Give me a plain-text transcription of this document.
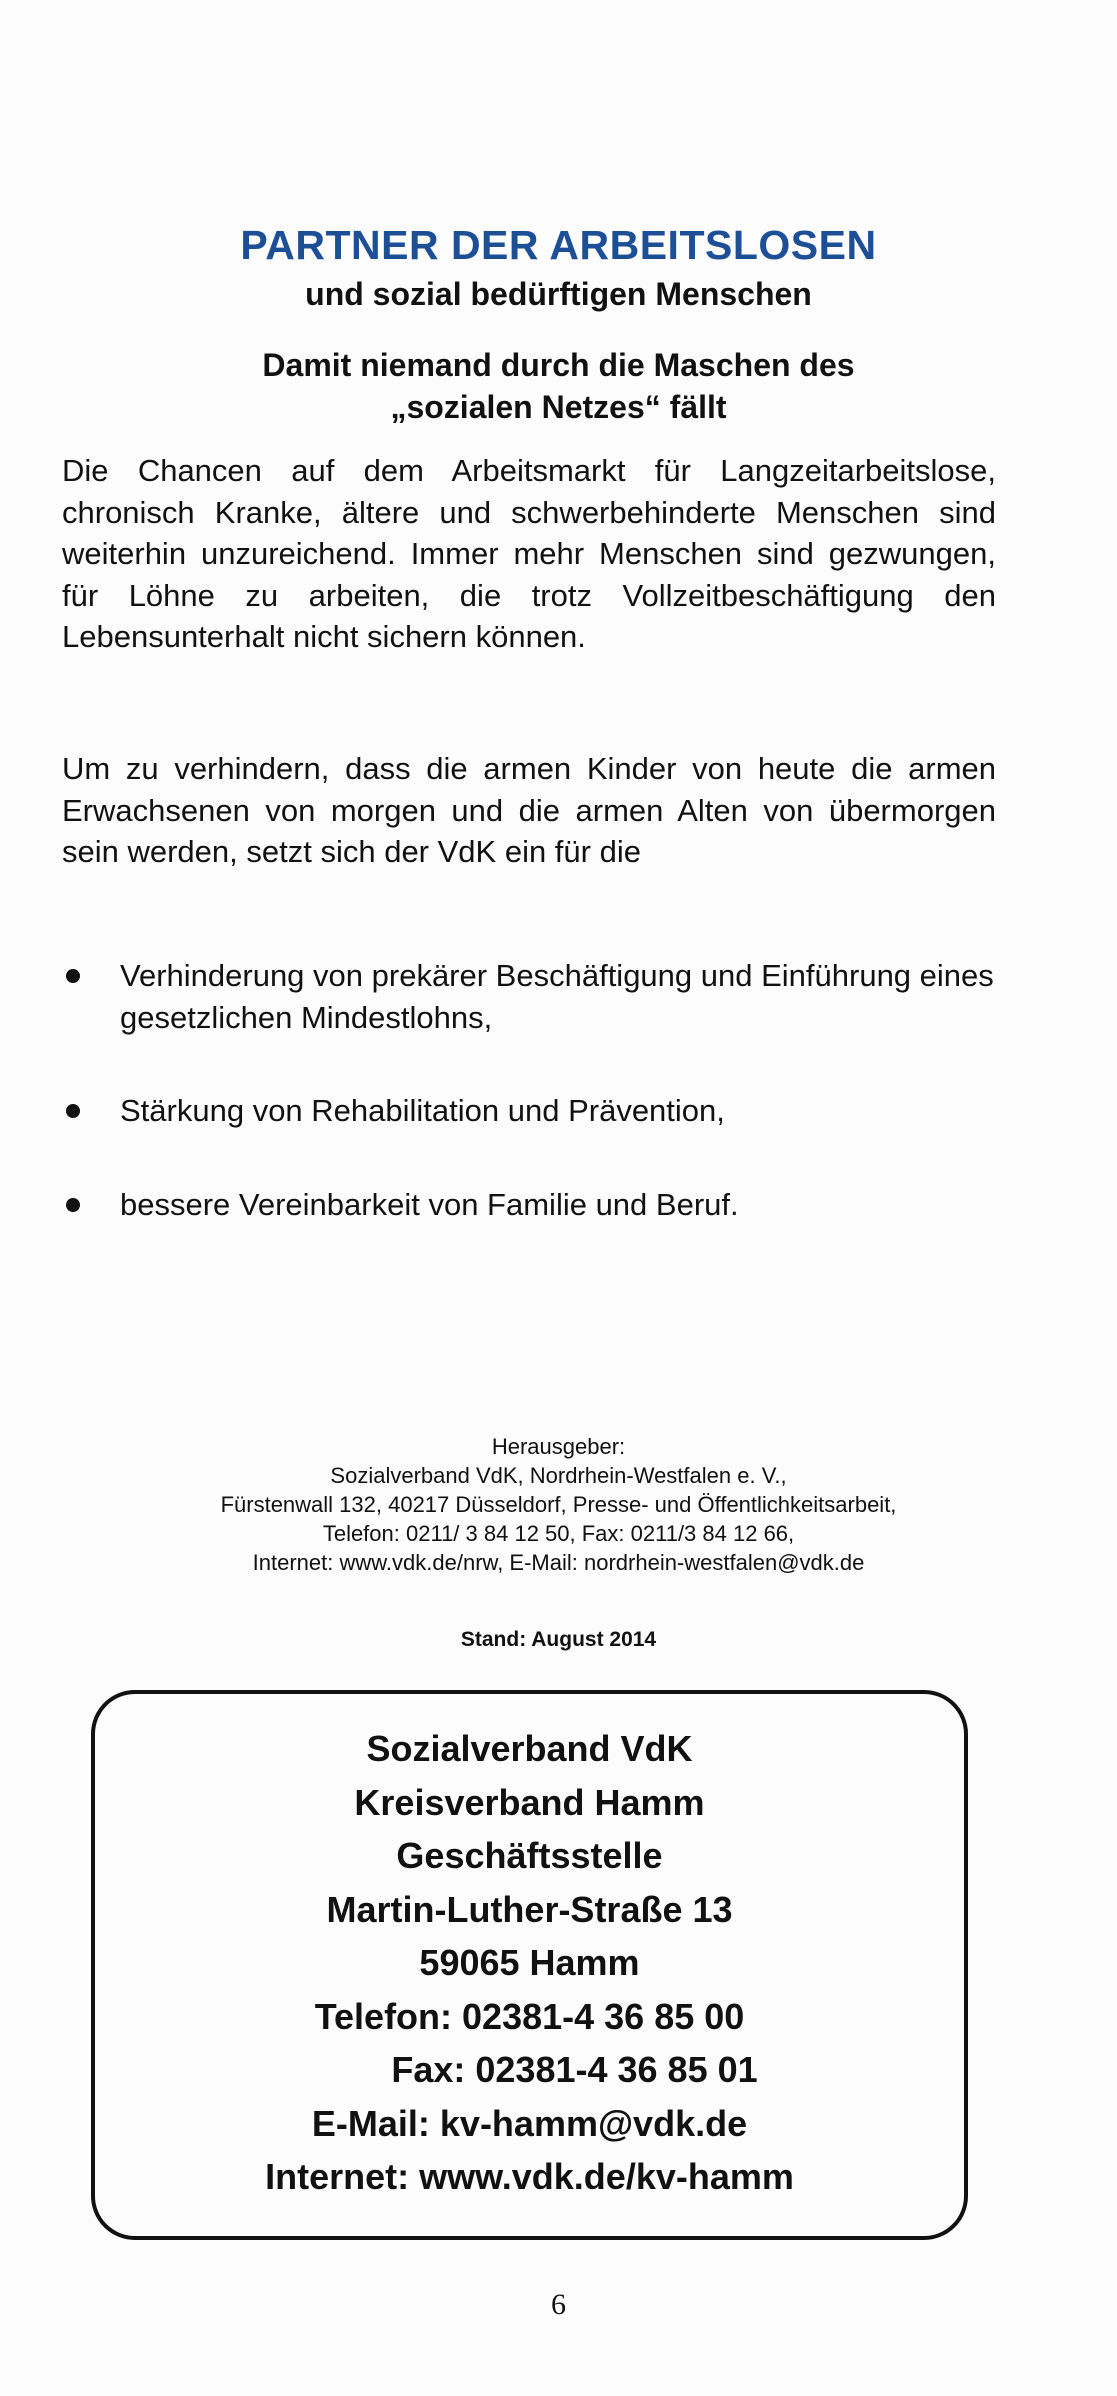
PARTNER DER ARBEITSLOSEN
und sozial bedürftigen Menschen
Damit niemand durch die Maschen des
„sozialen Netzes“ fällt

Die Chancen auf dem Arbeitsmarkt für Langzeitarbeitslose, chronisch Kranke, ältere und schwerbehinderte Menschen sind weiterhin unzureichend. Immer mehr Menschen sind gezwungen, für Löhne zu arbeiten, die trotz Vollzeitbeschäftigung den Lebensunterhalt nicht sichern können.

Um zu verhindern, dass die armen Kinder von heute die armen Erwachsenen von morgen und die armen Alten von übermorgen sein werden, setzt sich der VdK ein für die

Verhinderung von prekärer Beschäftigung und Einführung eines gesetzlichen Mindestlohns,
Stärkung von Rehabilitation und Prävention,
bessere Vereinbarkeit von Familie und Beruf.
Herausgeber:
Sozialverband VdK, Nordrhein-Westfalen e. V.,
Fürstenwall 132, 40217 Düsseldorf, Presse- und Öffentlichkeitsarbeit,
Telefon: 0211/ 3 84 12 50, Fax: 0211/3 84 12 66,
Internet: www.vdk.de/nrw, E-Mail: nordrhein-westfalen@vdk.de
Stand: August 2014
Sozialverband VdK
Kreisverband Hamm
Geschäftsstelle
Martin-Luther-Straße 13
59065 Hamm
Telefon: 02381-4 36 85 00
Fax: 02381-4 36 85 01
E-Mail: kv-hamm@vdk.de
Internet: www.vdk.de/kv-hamm
6
